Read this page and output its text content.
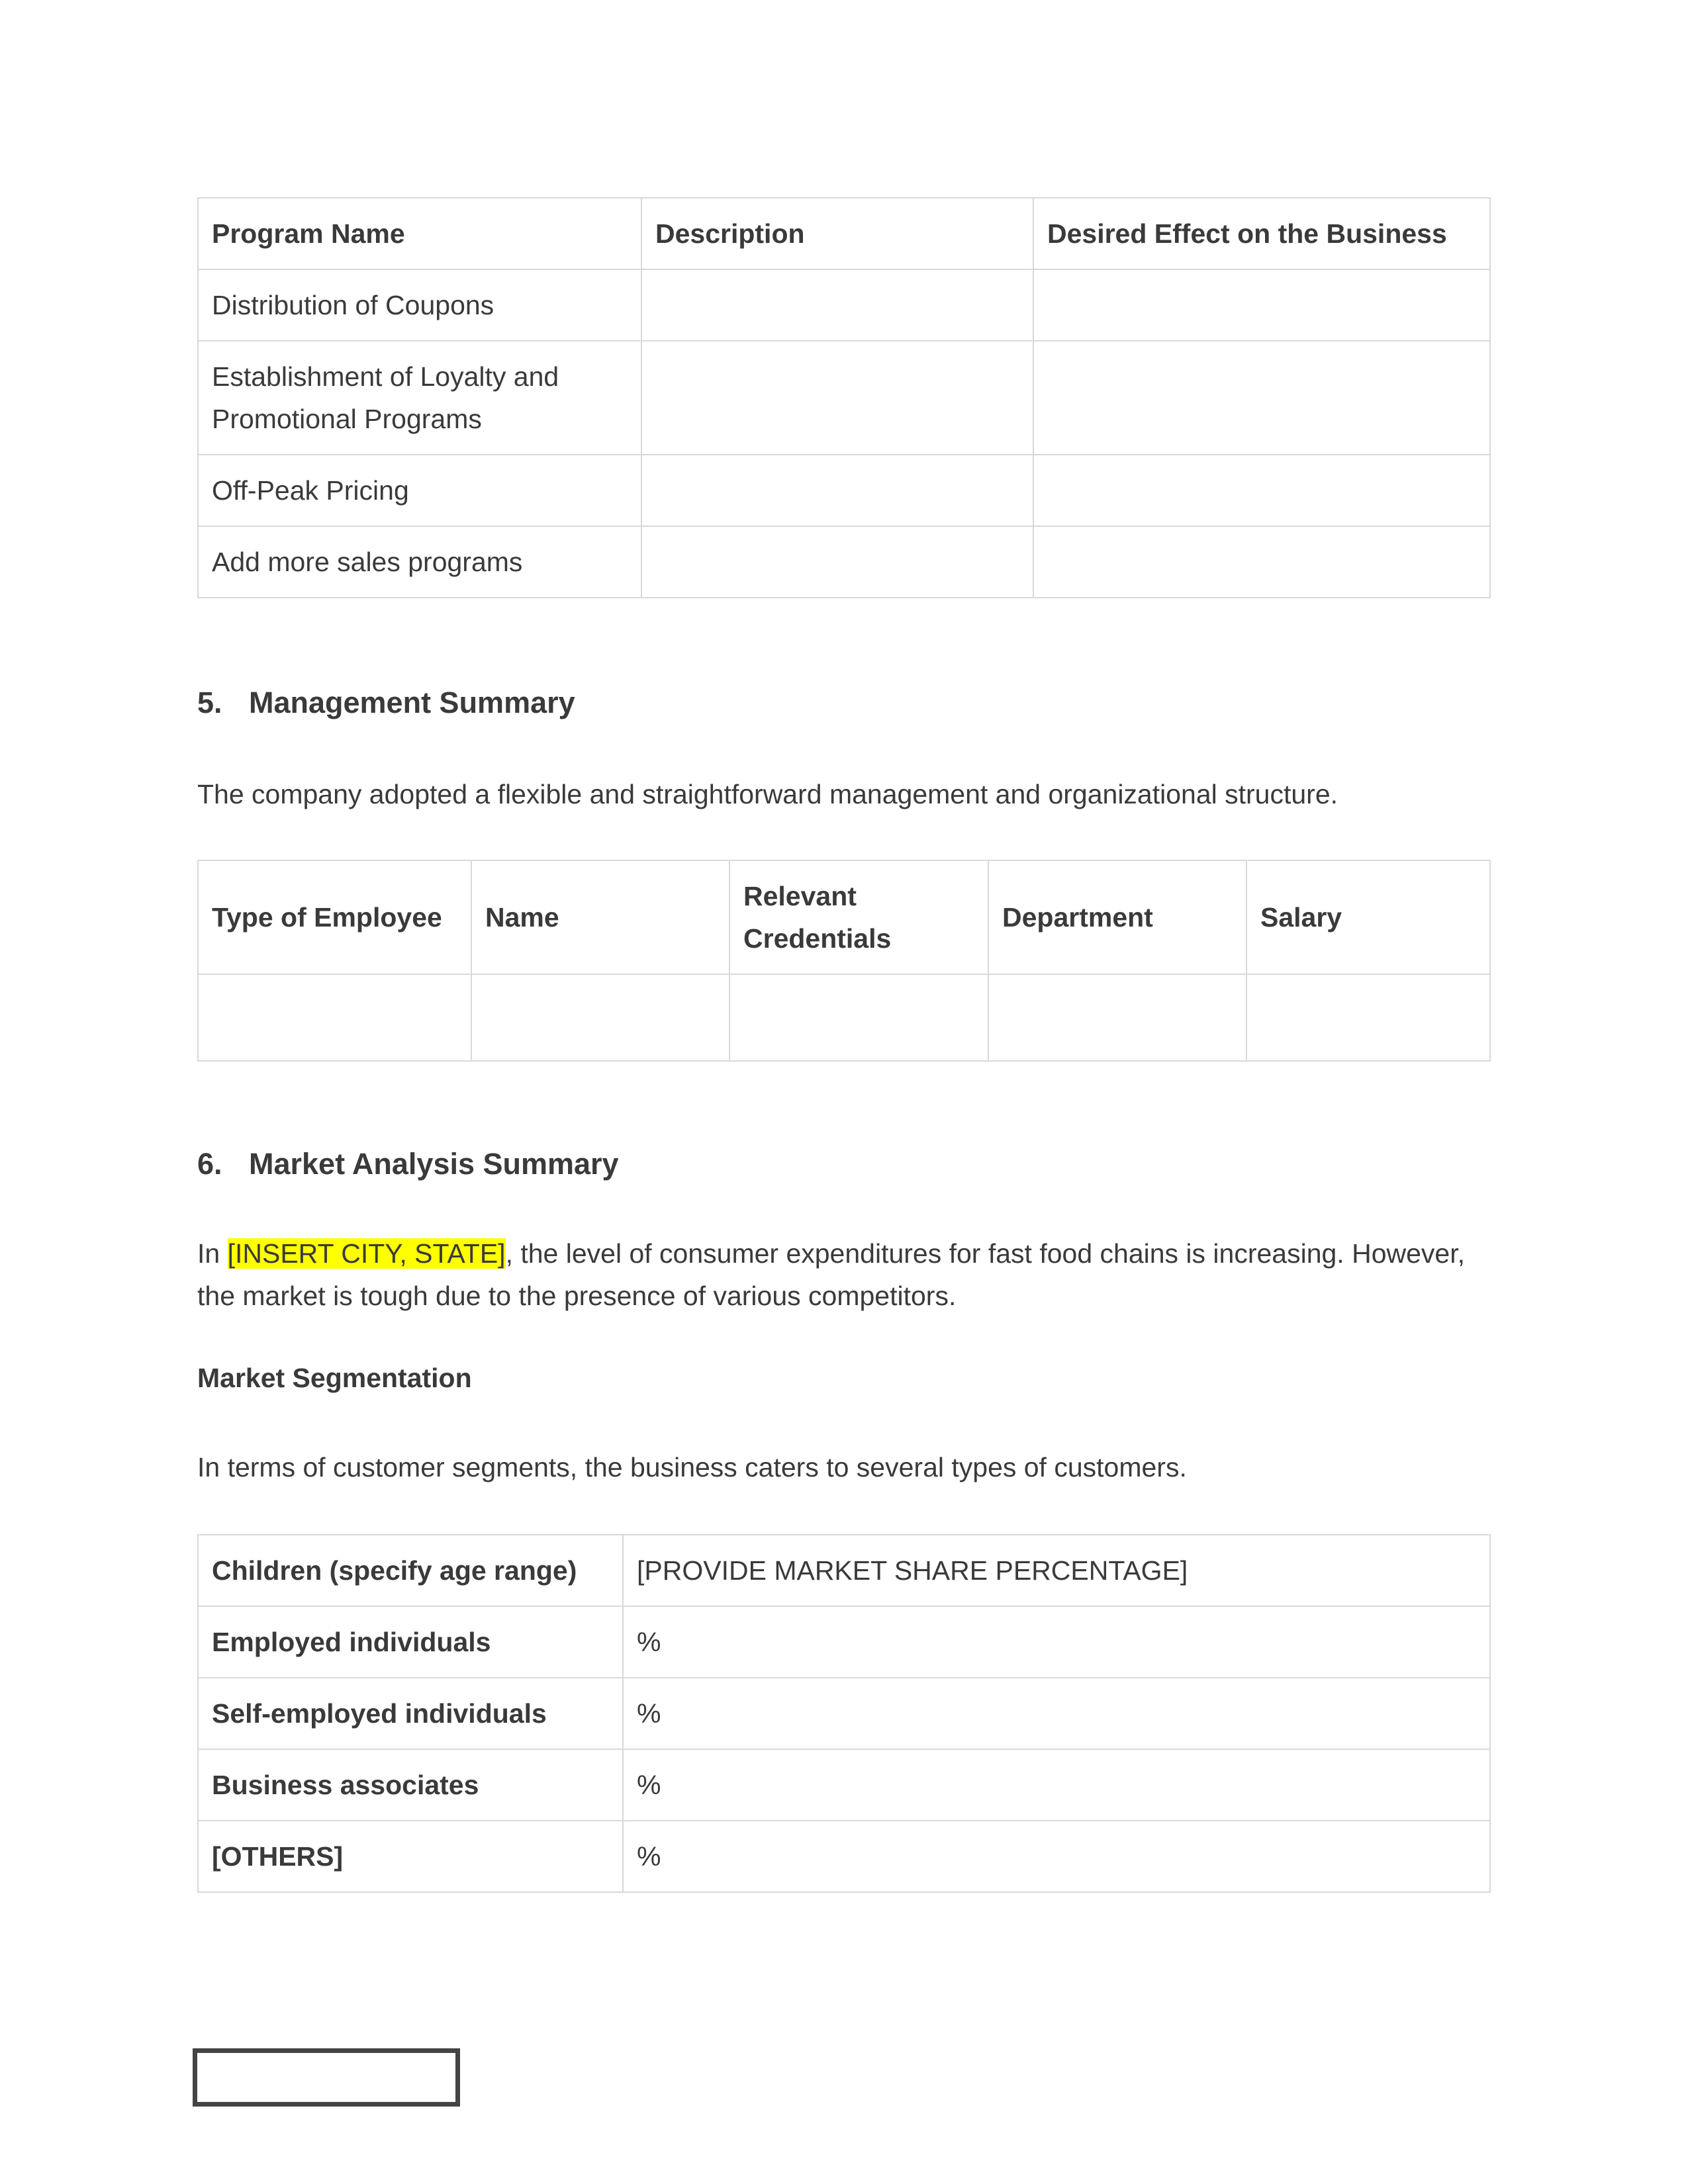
Program Name	Description	Desired Effect on the Business
Distribution of Coupons		
Establishment of Loyalty and Promotional Programs		
Off-Peak Pricing		
Add more sales programs		
5. Management Summary
The company adopted a flexible and straightforward management and organizational structure.
Type of Employee	Name	Relevant Credentials	Department	Salary

6. Market Analysis Summary
In [INSERT CITY, STATE], the level of consumer expenditures for fast food chains is increasing. However, the market is tough due to the presence of various competitors.
Market Segmentation
In terms of customer segments, the business caters to several types of customers.
Children (specify age range)	[PROVIDE MARKET SHARE PERCENTAGE]
Employed individuals	%
Self-employed individuals	%
Business associates	%
[OTHERS]	%
